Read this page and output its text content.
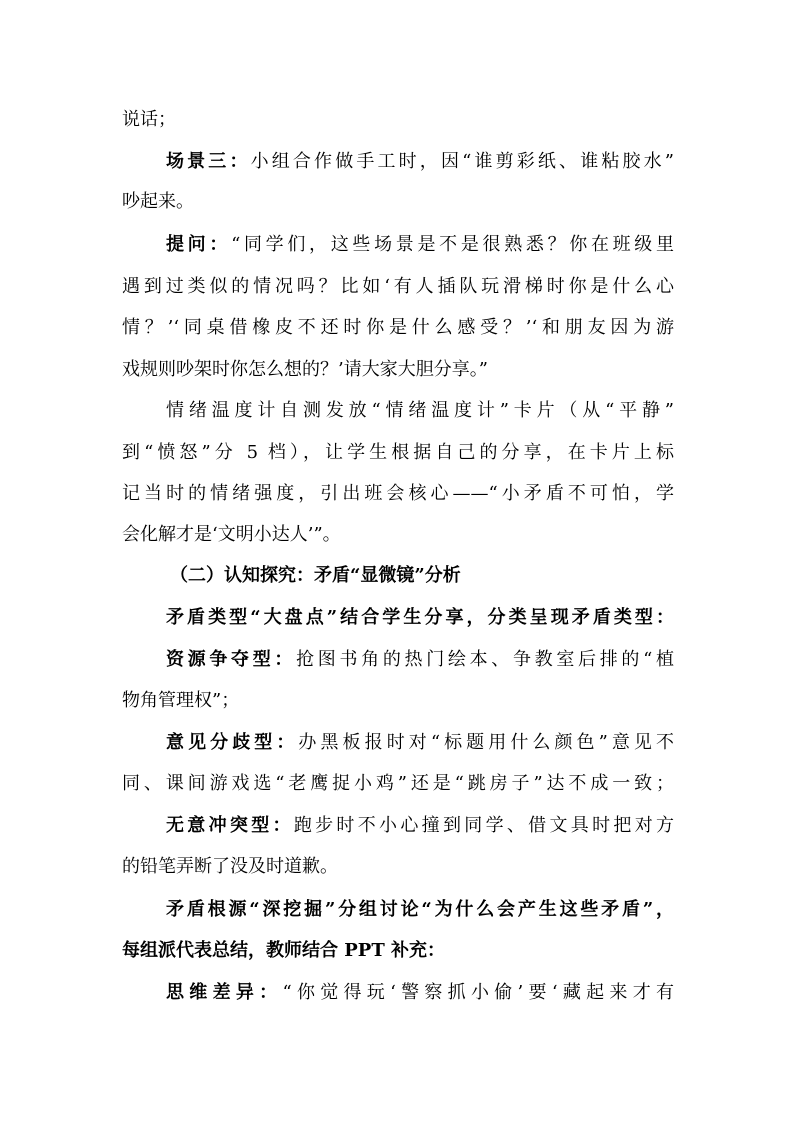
说话；
场景三：小组合作做手工时，因“谁剪彩纸、谁粘胶水”
吵起来。
提问：“同学们，这些场景是不是很熟悉？你在班级里
遇到过类似的情况吗？比如‘有人插队玩滑梯时你是什么心
情？’‘同桌借橡皮不还时你是什么感受？’‘和朋友因为游
戏规则吵架时你怎么想的？’请大家大胆分享。”
情绪温度计自测发放“情绪温度计”卡片（从“平静”
到“愤怒”分 5 档），让学生根据自己的分享，在卡片上标
记当时的情绪强度，引出班会核心——“小矛盾不可怕，学
会化解才是‘文明小达人’”。
（二）认知探究：矛盾“显微镜”分析
矛盾类型“大盘点”结合学生分享，分类呈现矛盾类型：
资源争夺型：抢图书角的热门绘本、争教室后排的“植
物角管理权”；
意见分歧型：办黑板报时对“标题用什么颜色”意见不
同、课间游戏选“老鹰捉小鸡”还是“跳房子”达不成一致；
无意冲突型：跑步时不小心撞到同学、借文具时把对方
的铅笔弄断了没及时道歉。
矛盾根源“深挖掘”分组讨论“为什么会产生这些矛盾”，
每组派代表总结，教师结合 PPT 补充：
思维差异：“你觉得玩‘警察抓小偷’要‘藏起来才有
